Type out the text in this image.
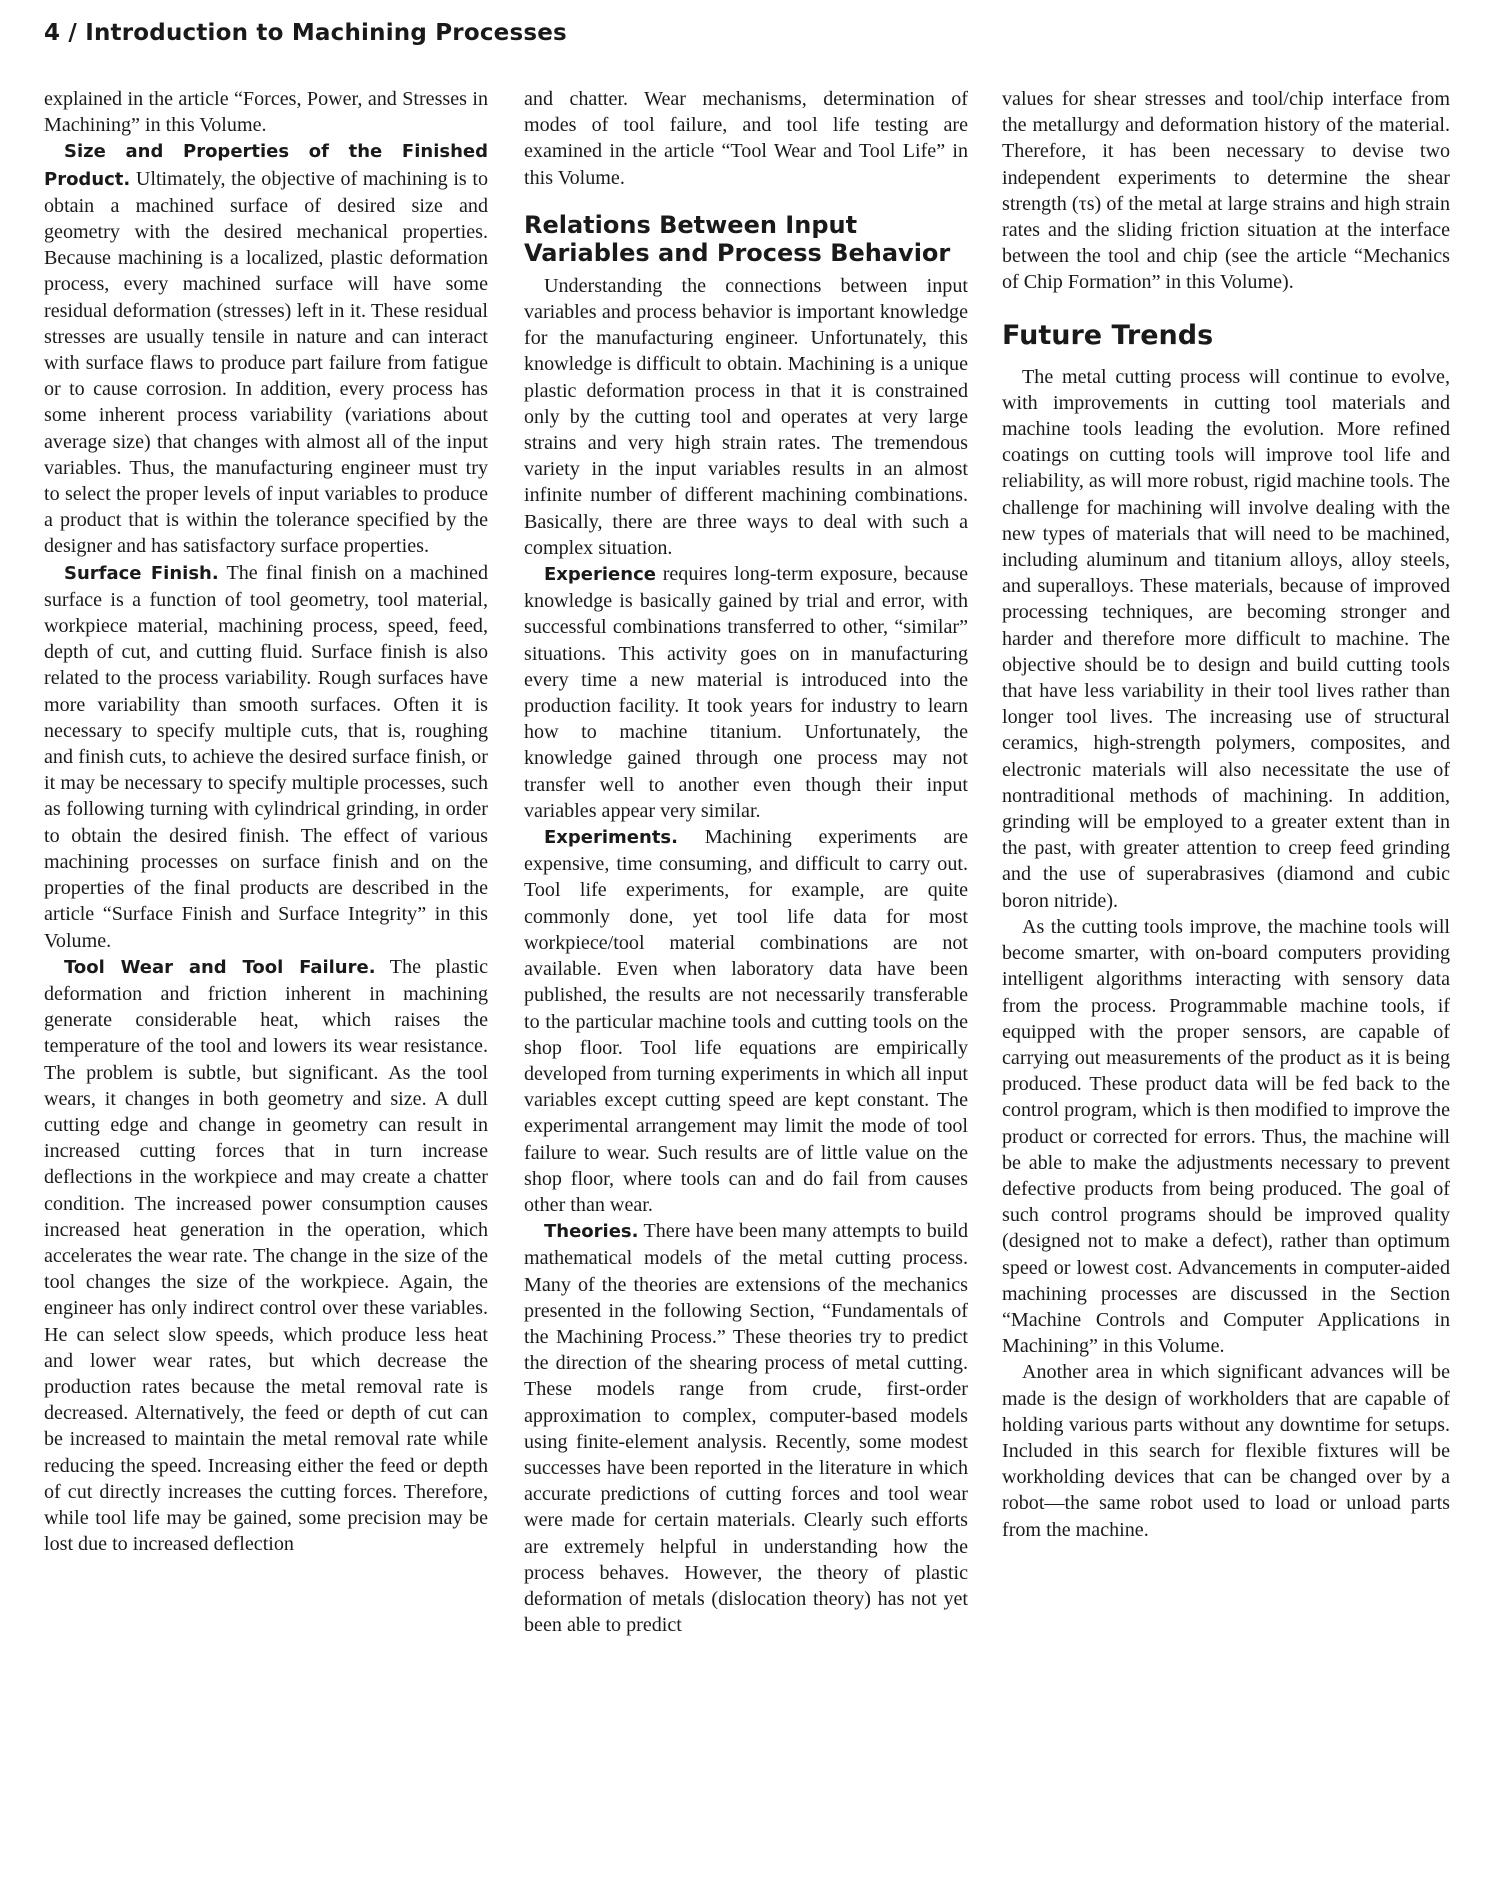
4 / Introduction to Machining Processes

explained in the article “Forces, Power, and Stresses in Machining” in this Volume.

Size and Properties of the Finished Product. Ultimately, the objective of machining is to obtain a machined surface of desired size and geometry with the desired mechanical properties. Because machining is a localized, plastic deformation process, every machined surface will have some residual deformation (stresses) left in it. These residual stresses are usually tensile in nature and can interact with surface flaws to produce part failure from fatigue or to cause corrosion. In addition, every process has some inherent process variability (variations about average size) that changes with almost all of the input variables. Thus, the manufacturing engineer must try to select the proper levels of input variables to produce a product that is within the tolerance specified by the designer and has satisfactory surface properties.

Surface Finish. The final finish on a machined surface is a function of tool geometry, tool material, workpiece material, machining process, speed, feed, depth of cut, and cutting fluid. Surface finish is also related to the process variability. Rough surfaces have more variability than smooth surfaces. Often it is necessary to specify multiple cuts, that is, roughing and finish cuts, to achieve the desired surface finish, or it may be necessary to specify multiple processes, such as following turning with cylindrical grinding, in order to obtain the desired finish. The effect of various machining processes on surface finish and on the properties of the final products are described in the article “Surface Finish and Surface Integrity” in this Volume.

Tool Wear and Tool Failure. The plastic deformation and friction inherent in machining generate considerable heat, which raises the temperature of the tool and lowers its wear resistance. The problem is subtle, but significant. As the tool wears, it changes in both geometry and size. A dull cutting edge and change in geometry can result in increased cutting forces that in turn increase deflections in the workpiece and may create a chatter condition. The increased power consumption causes increased heat generation in the operation, which accelerates the wear rate. The change in the size of the tool changes the size of the workpiece. Again, the engineer has only indirect control over these variables. He can select slow speeds, which produce less heat and lower wear rates, but which decrease the production rates because the metal removal rate is decreased. Alternatively, the feed or depth of cut can be increased to maintain the metal removal rate while reducing the speed. Increasing either the feed or depth of cut directly increases the cutting forces. Therefore, while tool life may be gained, some precision may be lost due to increased deflection

and chatter. Wear mechanisms, determination of modes of tool failure, and tool life testing are examined in the article “Tool Wear and Tool Life” in this Volume.

Relations Between Input Variables and Process Behavior

Understanding the connections between input variables and process behavior is important knowledge for the manufacturing engineer. Unfortunately, this knowledge is difficult to obtain. Machining is a unique plastic deformation process in that it is constrained only by the cutting tool and operates at very large strains and very high strain rates. The tremendous variety in the input variables results in an almost infinite number of different machining combinations. Basically, there are three ways to deal with such a complex situation.

Experience requires long-term exposure, because knowledge is basically gained by trial and error, with successful combinations transferred to other, “similar” situations. This activity goes on in manufacturing every time a new material is introduced into the production facility. It took years for industry to learn how to machine titanium. Unfortunately, the knowledge gained through one process may not transfer well to another even though their input variables appear very similar.

Experiments. Machining experiments are expensive, time consuming, and difficult to carry out. Tool life experiments, for example, are quite commonly done, yet tool life data for most workpiece/tool material combinations are not available. Even when laboratory data have been published, the results are not necessarily transferable to the particular machine tools and cutting tools on the shop floor. Tool life equations are empirically developed from turning experiments in which all input variables except cutting speed are kept constant. The experimental arrangement may limit the mode of tool failure to wear. Such results are of little value on the shop floor, where tools can and do fail from causes other than wear.

Theories. There have been many attempts to build mathematical models of the metal cutting process. Many of the theories are extensions of the mechanics presented in the following Section, “Fundamentals of the Machining Process.” These theories try to predict the direction of the shearing process of metal cutting. These models range from crude, first-order approximation to complex, computer-based models using finite-element analysis. Recently, some modest successes have been reported in the literature in which accurate predictions of cutting forces and tool wear were made for certain materials. Clearly such efforts are extremely helpful in understanding how the process behaves. However, the theory of plastic deformation of metals (dislocation theory) has not yet been able to predict

values for shear stresses and tool/chip interface from the metallurgy and deformation history of the material. Therefore, it has been necessary to devise two independent experiments to determine the shear strength (τs) of the metal at large strains and high strain rates and the sliding friction situation at the interface between the tool and chip (see the article “Mechanics of Chip Formation” in this Volume).

Future Trends

The metal cutting process will continue to evolve, with improvements in cutting tool materials and machine tools leading the evolution. More refined coatings on cutting tools will improve tool life and reliability, as will more robust, rigid machine tools. The challenge for machining will involve dealing with the new types of materials that will need to be machined, including aluminum and titanium alloys, alloy steels, and superalloys. These materials, because of improved processing techniques, are becoming stronger and harder and therefore more difficult to machine. The objective should be to design and build cutting tools that have less variability in their tool lives rather than longer tool lives. The increasing use of structural ceramics, high-strength polymers, composites, and electronic materials will also necessitate the use of nontraditional methods of machining. In addition, grinding will be employed to a greater extent than in the past, with greater attention to creep feed grinding and the use of superabrasives (diamond and cubic boron nitride).

As the cutting tools improve, the machine tools will become smarter, with on-board computers providing intelligent algorithms interacting with sensory data from the process. Programmable machine tools, if equipped with the proper sensors, are capable of carrying out measurements of the product as it is being produced. These product data will be fed back to the control program, which is then modified to improve the product or corrected for errors. Thus, the machine will be able to make the adjustments necessary to prevent defective products from being produced. The goal of such control programs should be improved quality (designed not to make a defect), rather than optimum speed or lowest cost. Advancements in computer-aided machining processes are discussed in the Section “Machine Controls and Computer Applications in Machining” in this Volume.

Another area in which significant advances will be made is the design of workholders that are capable of holding various parts without any downtime for setups. Included in this search for flexible fixtures will be workholding devices that can be changed over by a robot—the same robot used to load or unload parts from the machine.
